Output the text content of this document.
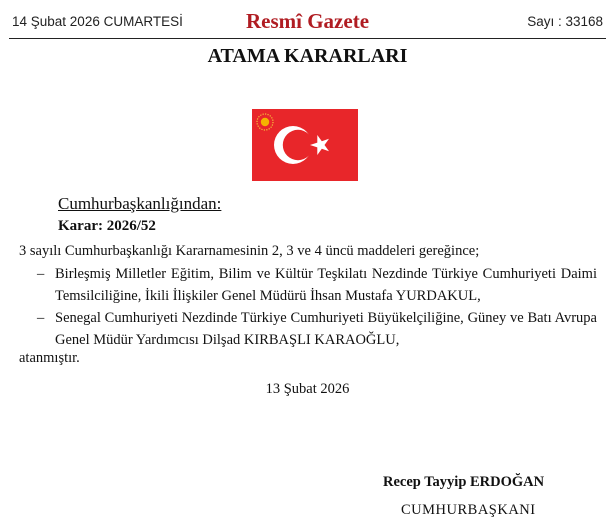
14 Şubat 2026 CUMARTESİ	Resmî Gazete	Sayı : 33168
ATAMA KARARLARI
Cumhurbaşkanlığından:
Karar: 2026/52
3 sayılı Cumhurbaşkanlığı Kararnamesinin 2, 3 ve 4 üncü maddeleri gereğince;
– Birleşmiş Milletler Eğitim, Bilim ve Kültür Teşkilatı Nezdinde Türkiye Cumhuriyeti Daimi Temsilciliğine, İkili İlişkiler Genel Müdürü İhsan Mustafa YURDAKUL,
– Senegal Cumhuriyeti Nezdinde Türkiye Cumhuriyeti Büyükelçiliğine, Güney ve Batı Avrupa Genel Müdür Yardımcısı Dilşad KIRBAŞLI KARAOĞLU,
atanmıştır.
13 Şubat 2026
Recep Tayyip ERDOĞAN
CUMHURBAŞKANI
